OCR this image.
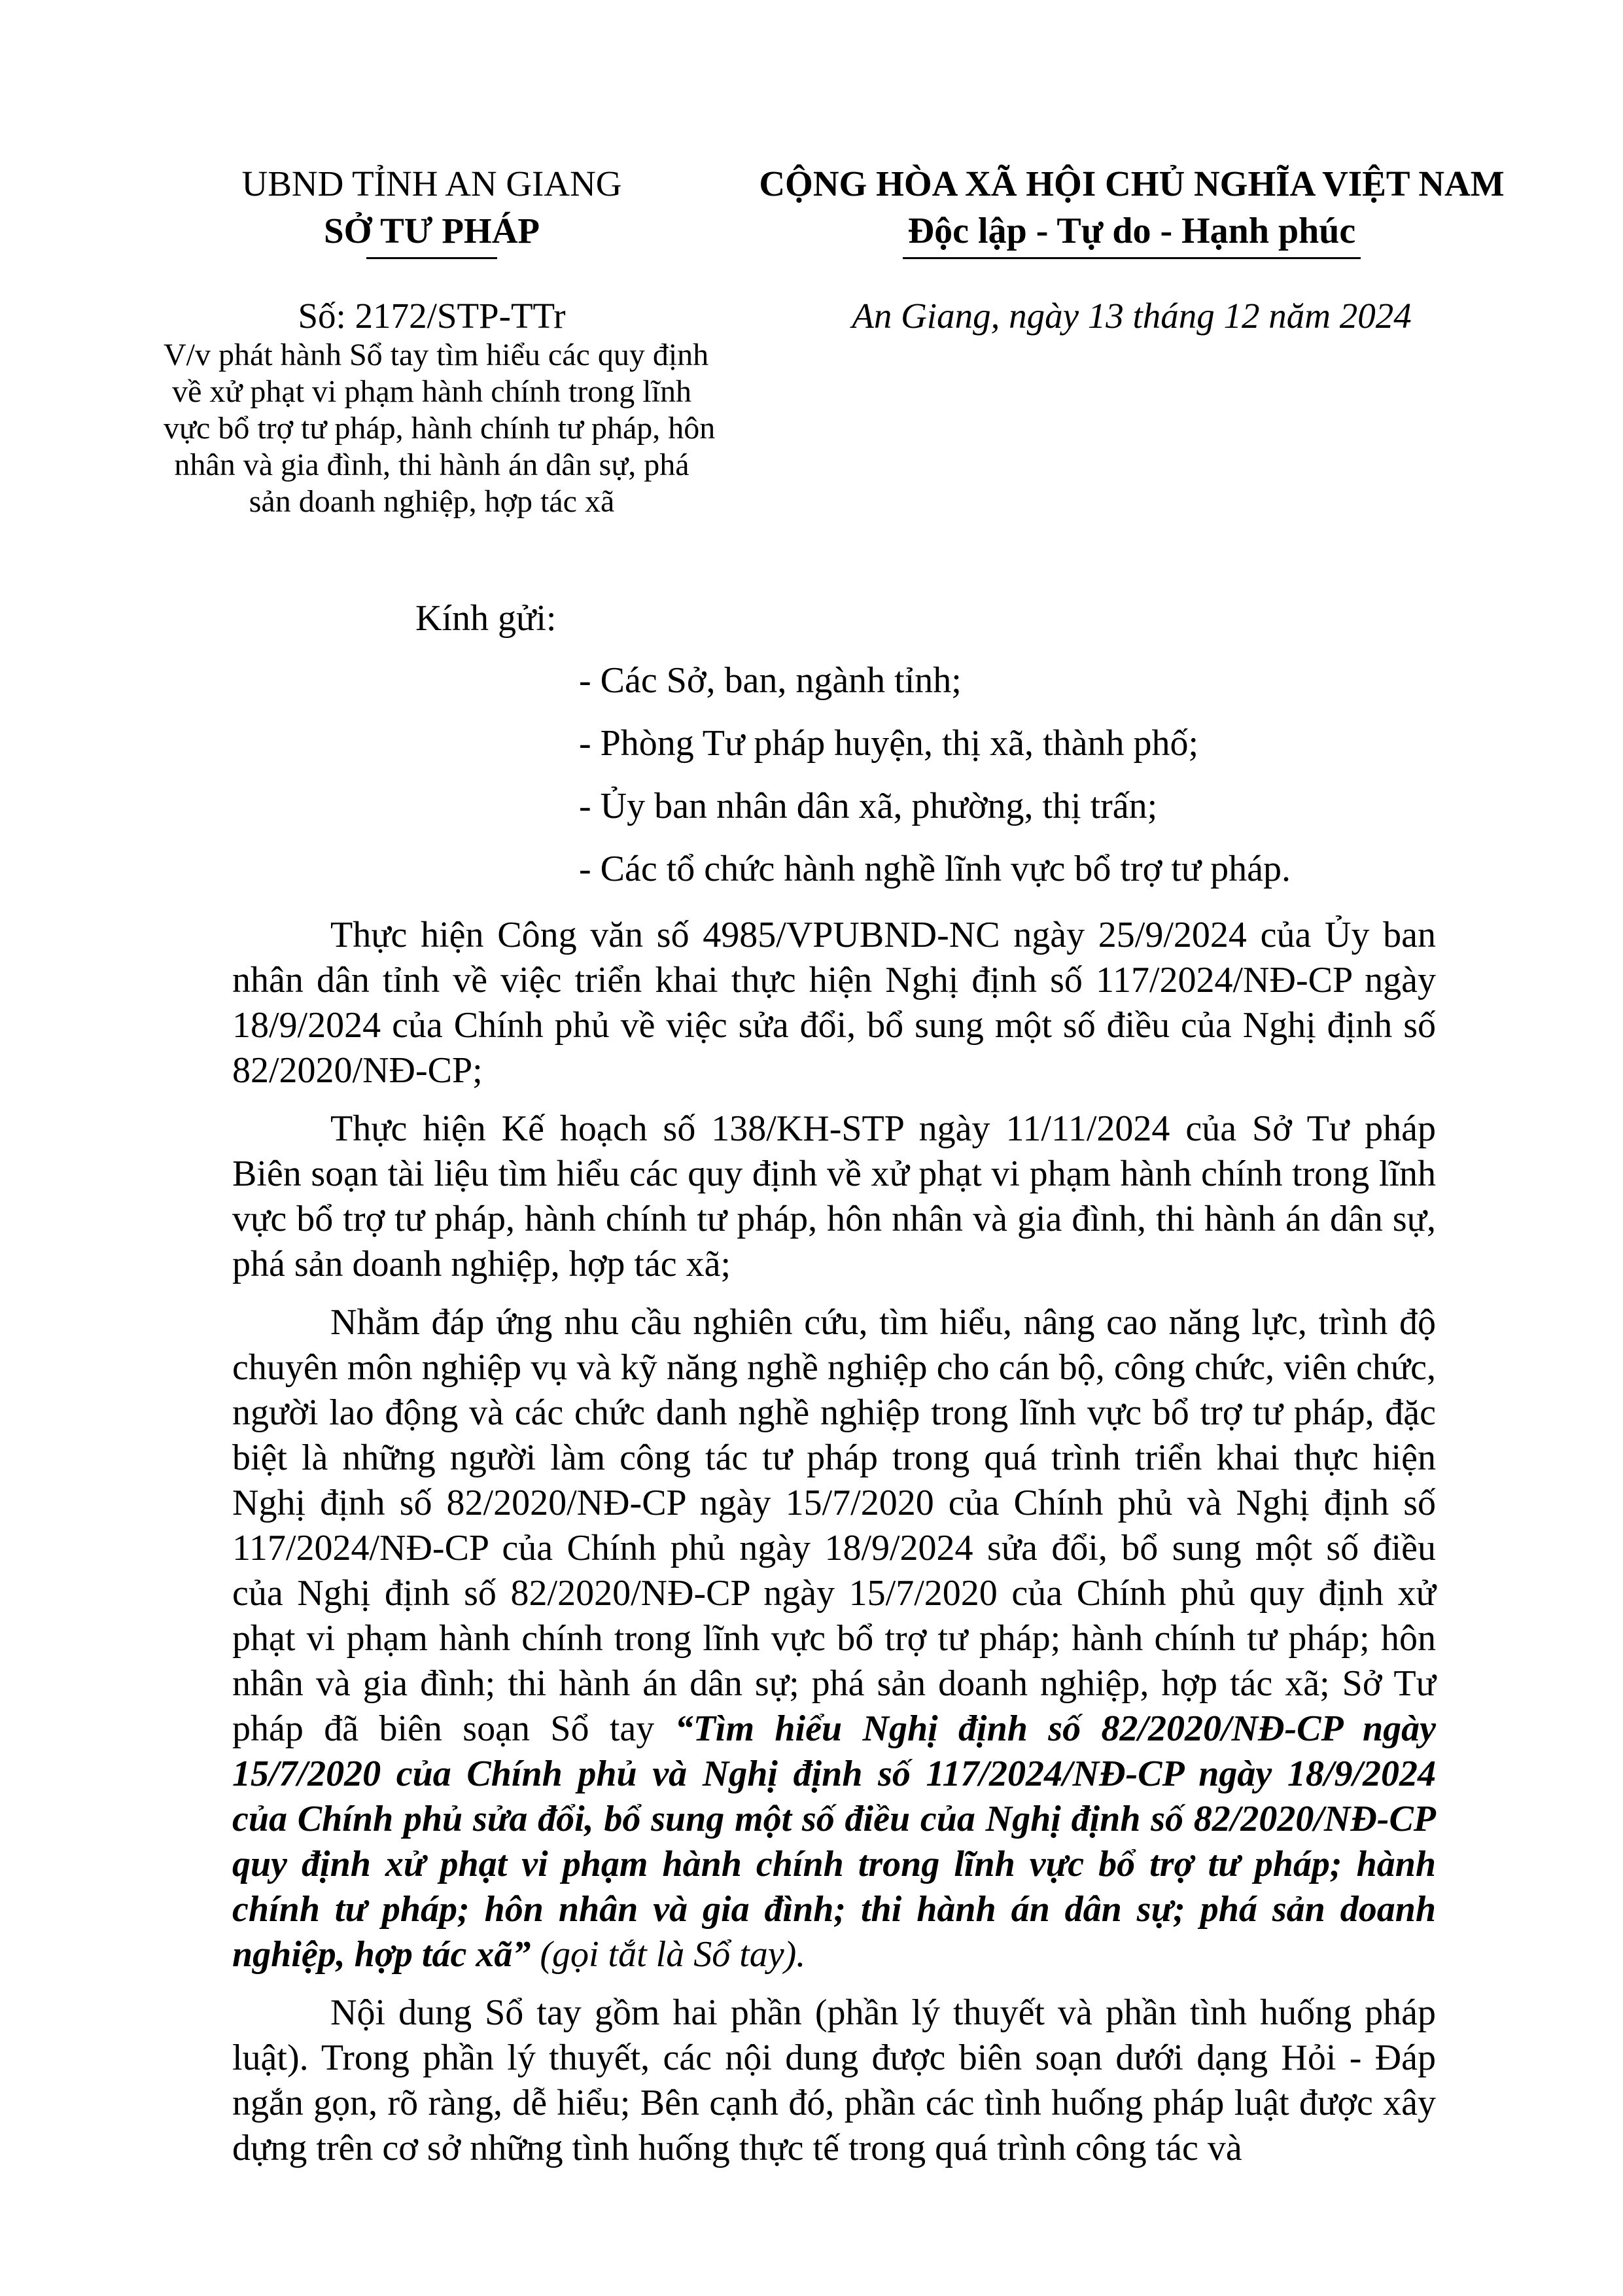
UBND TỈNH AN GIANG
SỞ TƯ PHÁP
CỘNG HÒA XÃ HỘI CHỦ NGHĨA VIỆT NAM
Độc lập - Tự do - Hạnh phúc
Số: 2172/STP-TTr
V/v phát hành Sổ tay tìm hiểu các quy định
về xử phạt vi phạm hành chính trong lĩnh
vực bổ trợ tư pháp, hành chính tư pháp, hôn
nhân và gia đình, thi hành án dân sự, phá
sản doanh nghiệp, hợp tác xã
An Giang, ngày 13 tháng 12 năm 2024
Kính gửi:
- Các Sở, ban, ngành tỉnh;
- Phòng Tư pháp huyện, thị xã, thành phố;
- Ủy ban nhân dân xã, phường, thị trấn;
- Các tổ chức hành nghề lĩnh vực bổ trợ tư pháp.

Thực hiện Công văn số 4985/VPUBND-NC ngày 25/9/2024 của Ủy ban nhân dân tỉnh về việc triển khai thực hiện Nghị định số 117/2024/NĐ-CP ngày 18/9/2024 của Chính phủ về việc sửa đổi, bổ sung một số điều của Nghị định số 82/2020/NĐ-CP;

Thực hiện Kế hoạch số 138/KH-STP ngày 11/11/2024 của Sở Tư pháp Biên soạn tài liệu tìm hiểu các quy định về xử phạt vi phạm hành chính trong lĩnh vực bổ trợ tư pháp, hành chính tư pháp, hôn nhân và gia đình, thi hành án dân sự, phá sản doanh nghiệp, hợp tác xã;

Nhằm đáp ứng nhu cầu nghiên cứu, tìm hiểu, nâng cao năng lực, trình độ chuyên môn nghiệp vụ và kỹ năng nghề nghiệp cho cán bộ, công chức, viên chức, người lao động và các chức danh nghề nghiệp trong lĩnh vực bổ trợ tư pháp, đặc biệt là những người làm công tác tư pháp trong quá trình triển khai thực hiện Nghị định số 82/2020/NĐ-CP ngày 15/7/2020 của Chính phủ và Nghị định số 117/2024/NĐ-CP của Chính phủ ngày 18/9/2024 sửa đổi, bổ sung một số điều của Nghị định số 82/2020/NĐ-CP ngày 15/7/2020 của Chính phủ quy định xử phạt vi phạm hành chính trong lĩnh vực bổ trợ tư pháp; hành chính tư pháp; hôn nhân và gia đình; thi hành án dân sự; phá sản doanh nghiệp, hợp tác xã; Sở Tư pháp đã biên soạn Sổ tay “Tìm hiểu Nghị định số 82/2020/NĐ-CP ngày 15/7/2020 của Chính phủ và Nghị định số 117/2024/NĐ-CP ngày 18/9/2024 của Chính phủ sửa đổi, bổ sung một số điều của Nghị định số 82/2020/NĐ-CP quy định xử phạt vi phạm hành chính trong lĩnh vực bổ trợ tư pháp; hành chính tư pháp; hôn nhân và gia đình; thi hành án dân sự; phá sản doanh nghiệp, hợp tác xã” (gọi tắt là Sổ tay).

Nội dung Sổ tay gồm hai phần (phần lý thuyết và phần tình huống pháp luật). Trong phần lý thuyết, các nội dung được biên soạn dưới dạng Hỏi - Đáp ngắn gọn, rõ ràng, dễ hiểu; Bên cạnh đó, phần các tình huống pháp luật được xây dựng trên cơ sở những tình huống thực tế trong quá trình công tác và
